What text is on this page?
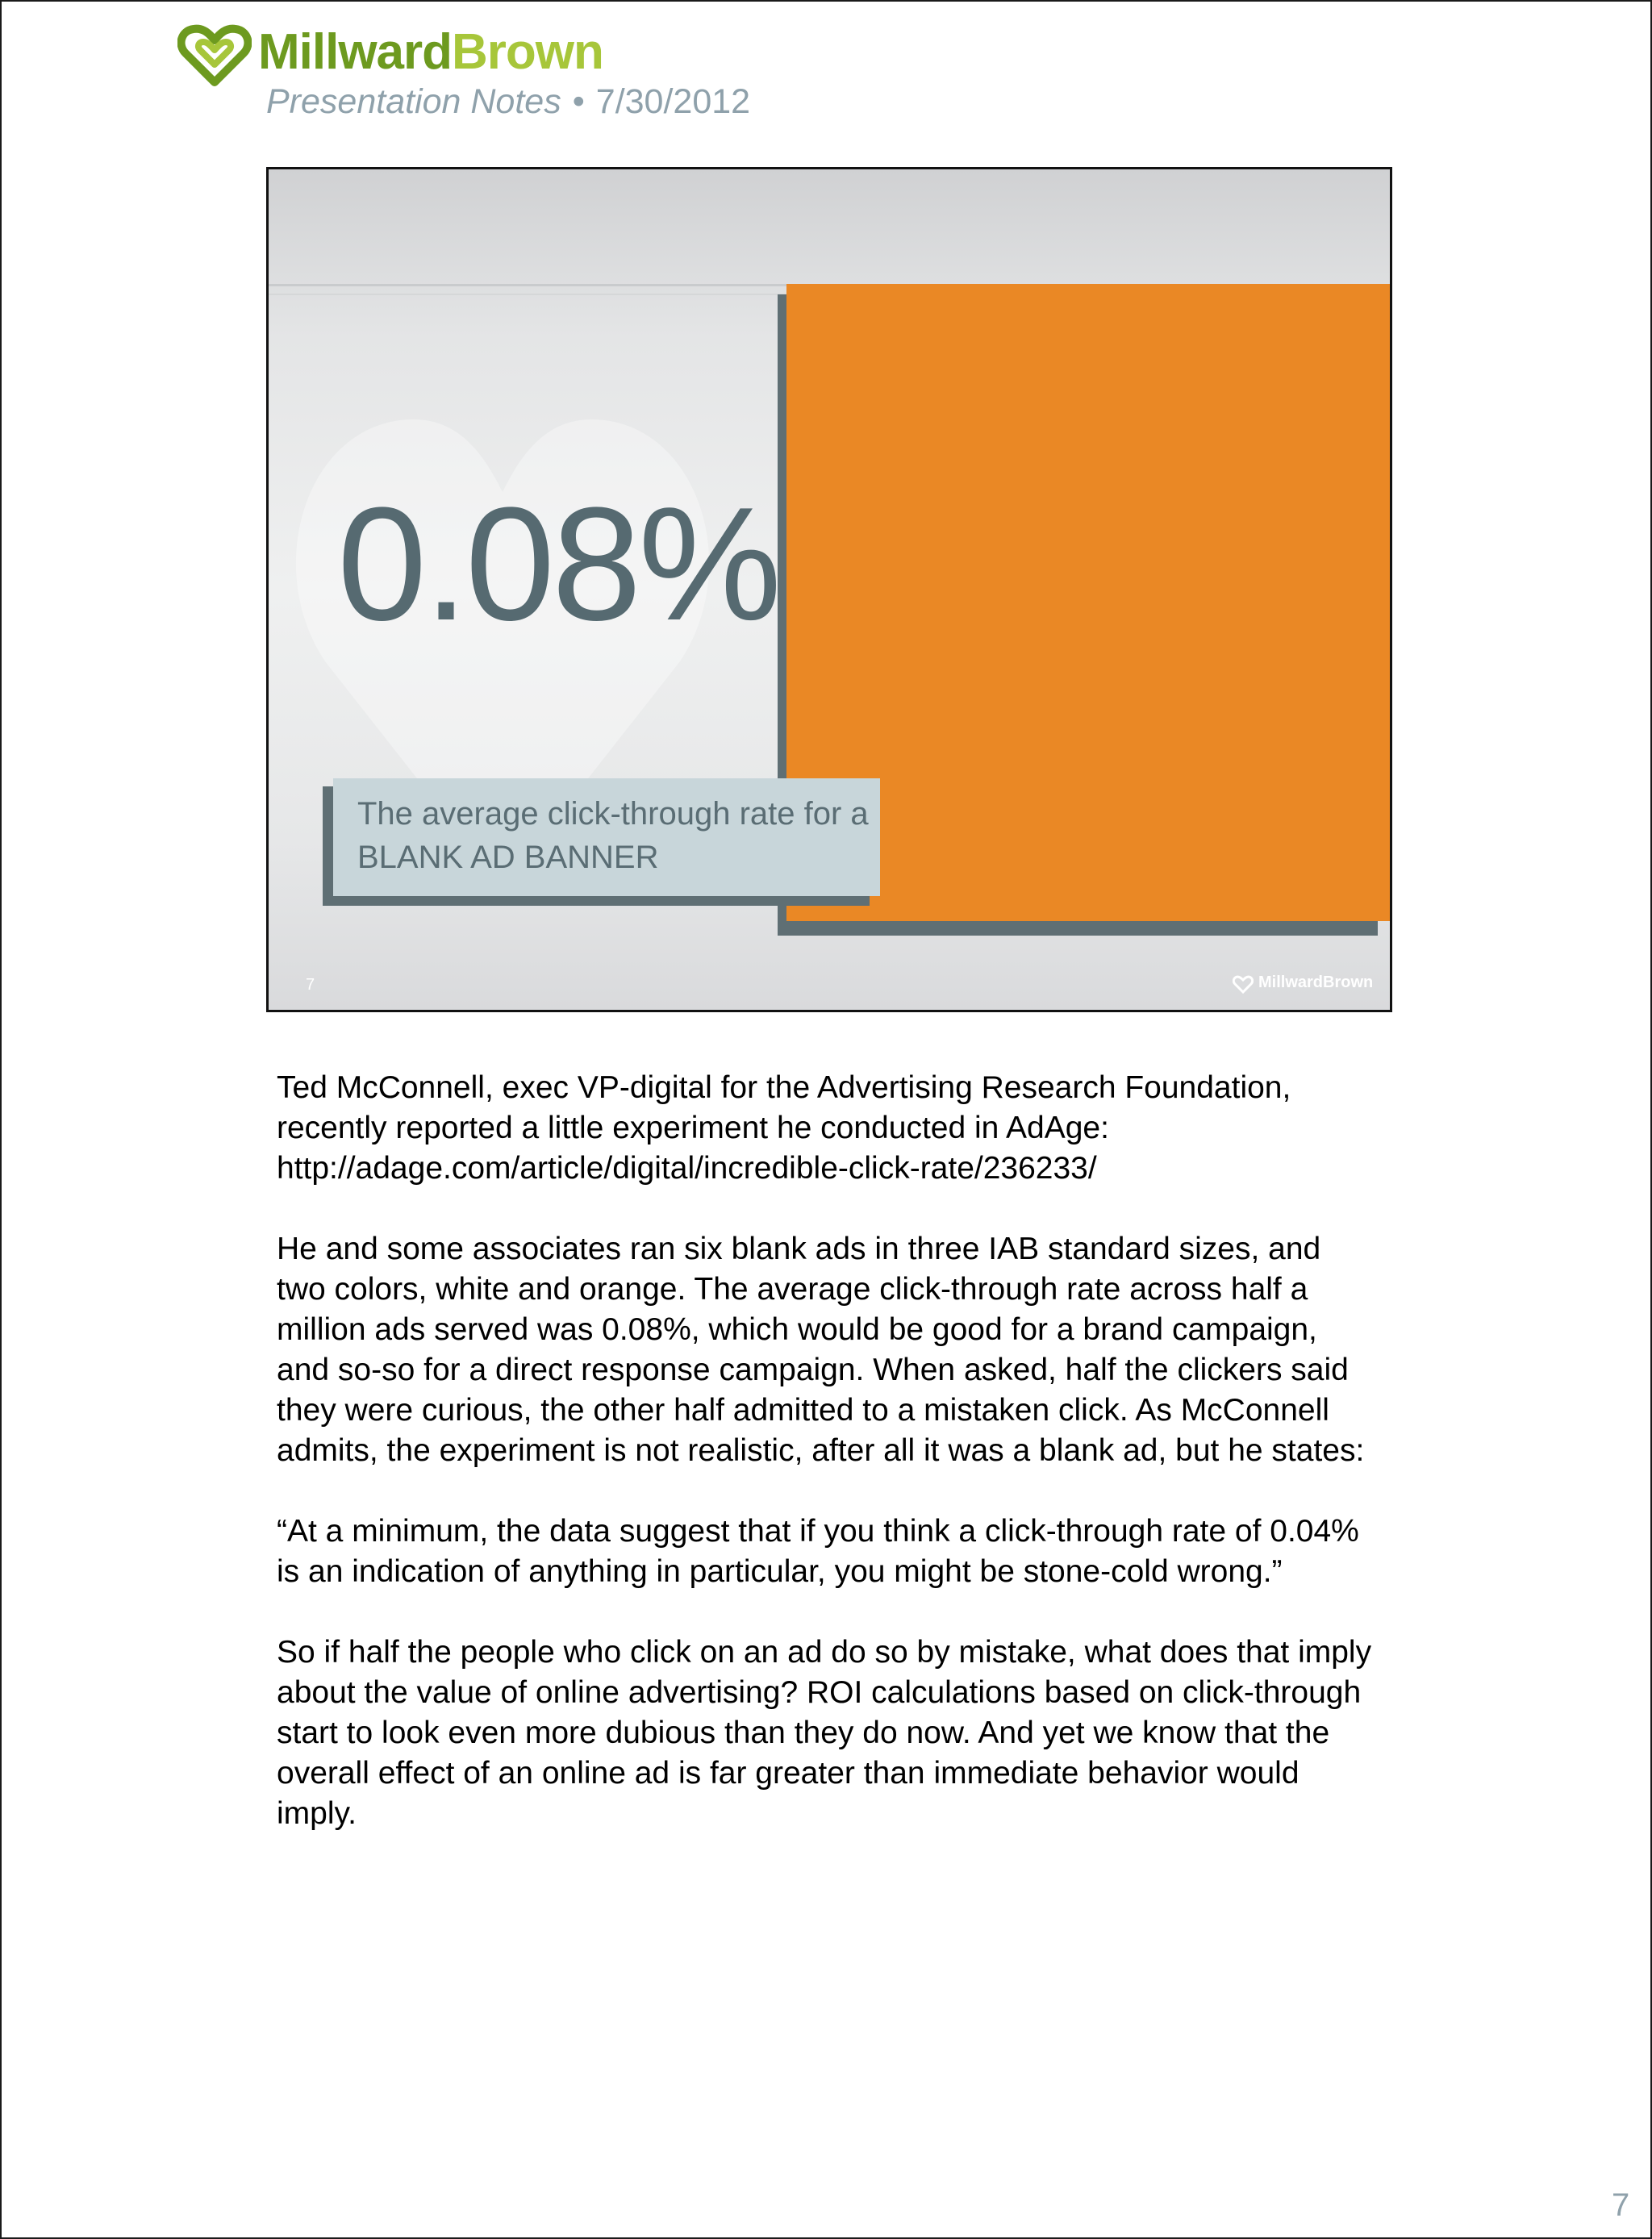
MillwardBrown
Presentation Notes • 7/30/2012
0.08%
The average click-through rate for a
BLANK AD BANNER
7	MillwardBrown

Ted McConnell, exec VP-digital for the Advertising Research Foundation, recently reported a little experiment he conducted in AdAge: http://adage.com/article/digital/incredible-click-rate/236233/

He and some associates ran six blank ads in three IAB standard sizes, and two colors, white and orange. The average click-through rate across half a million ads served was 0.08%, which would be good for a brand campaign, and so-so for a direct response campaign. When asked, half the clickers said they were curious, the other half admitted to a mistaken click. As McConnell admits, the experiment is not realistic, after all it was a blank ad, but he states:

“At a minimum, the data suggest that if you think a click-through rate of 0.04% is an indication of anything in particular, you might be stone-cold wrong.”

So if half the people who click on an ad do so by mistake, what does that imply about the value of online advertising? ROI calculations based on click-through start to look even more dubious than they do now. And yet we know that the overall effect of an online ad is far greater than immediate behavior would imply.

7
